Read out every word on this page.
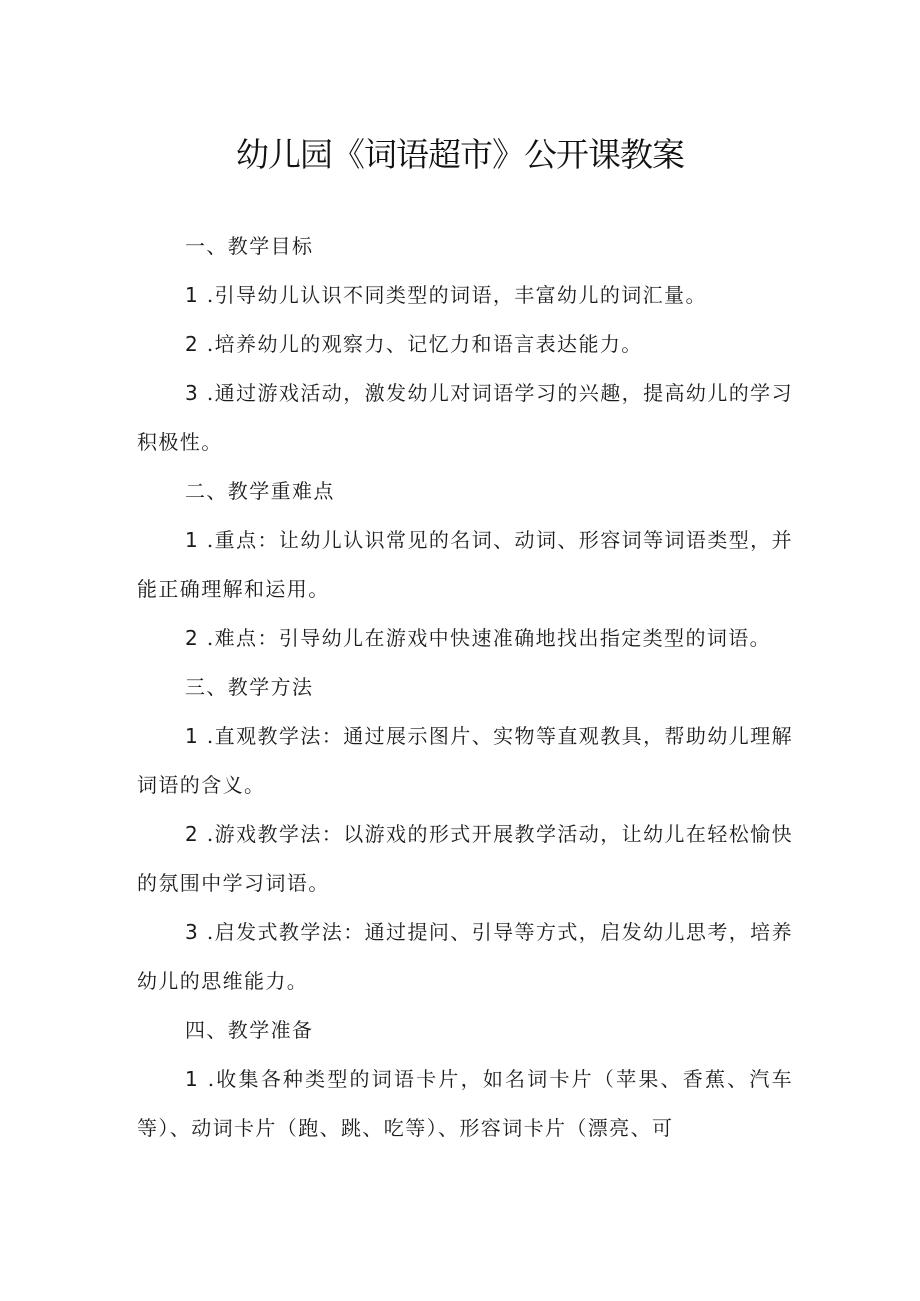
幼儿园《词语超市》公开课教案

一、教学目标

1 .引导幼儿认识不同类型的词语，丰富幼儿的词汇量。

2 .培养幼儿的观察力、记忆力和语言表达能力。

3 .通过游戏活动，激发幼儿对词语学习的兴趣，提高幼儿的学习积极性。

二、教学重难点

1 .重点：让幼儿认识常见的名词、动词、形容词等词语类型，并能正确理解和运用。

2 .难点：引导幼儿在游戏中快速准确地找出指定类型的词语。

三、教学方法

1 .直观教学法：通过展示图片、实物等直观教具，帮助幼儿理解词语的含义。

2 .游戏教学法：以游戏的形式开展教学活动，让幼儿在轻松愉快的氛围中学习词语。

3 .启发式教学法：通过提问、引导等方式，启发幼儿思考，培养幼儿的思维能力。

四、教学准备

1 .收集各种类型的词语卡片，如名词卡片（苹果、香蕉、汽车等）、动词卡片（跑、跳、吃等）、形容词卡片（漂亮、可
